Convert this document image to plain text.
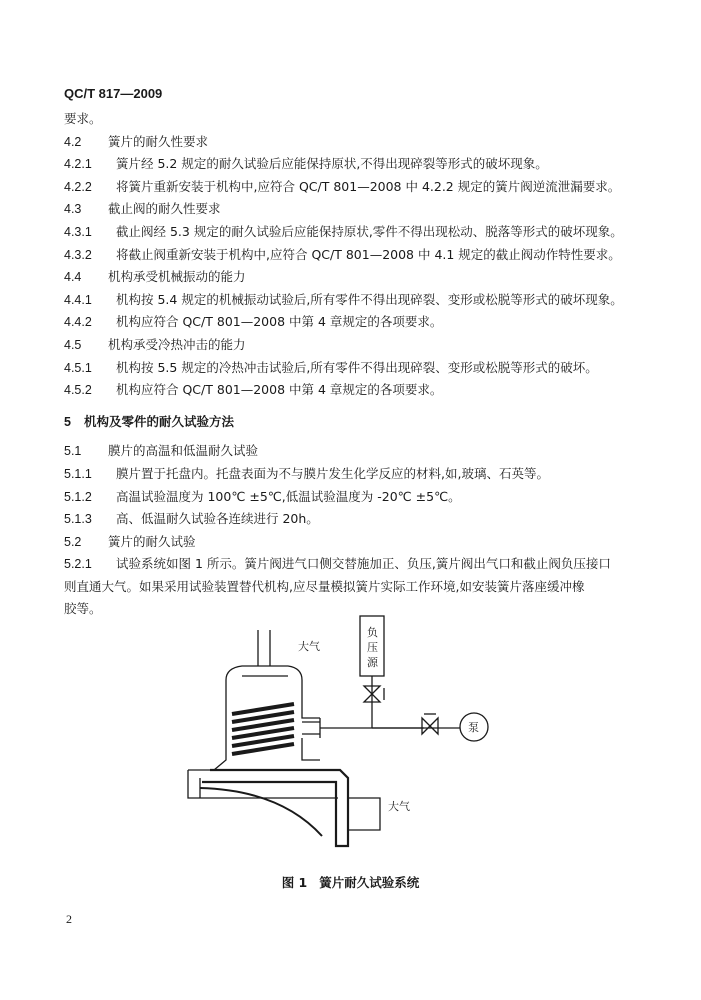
QC/T 817—2009
要求。
4.2 簧片的耐久性要求
4.2.1 簧片经 5.2 规定的耐久试验后应能保持原状,不得出现碎裂等形式的破坏现象。
4.2.2 将簧片重新安装于机构中,应符合 QC/T 801—2008 中 4.2.2 规定的簧片阀逆流泄漏要求。
4.3 截止阀的耐久性要求
4.3.1 截止阀经 5.3 规定的耐久试验后应能保持原状,零件不得出现松动、脱落等形式的破坏现象。
4.3.2 将截止阀重新安装于机构中,应符合 QC/T 801—2008 中 4.1 规定的截止阀动作特性要求。
4.4 机构承受机械振动的能力
4.4.1 机构按 5.4 规定的机械振动试验后,所有零件不得出现碎裂、变形或松脱等形式的破坏现象。
4.4.2 机构应符合 QC/T 801—2008 中第 4 章规定的各项要求。
4.5 机构承受冷热冲击的能力
4.5.1 机构按 5.5 规定的冷热冲击试验后,所有零件不得出现碎裂、变形或松脱等形式的破坏。
4.5.2 机构应符合 QC/T 801—2008 中第 4 章规定的各项要求。
5 机构及零件的耐久试验方法
5.1 膜片的高温和低温耐久试验
5.1.1 膜片置于托盘内。托盘表面为不与膜片发生化学反应的材料,如,玻璃、石英等。
5.1.2 高温试验温度为 100℃ ±5℃,低温试验温度为 -20℃ ±5℃。
5.1.3 高、低温耐久试验各连续进行 20h。
5.2 簧片的耐久试验
5.2.1 试验系统如图 1 所示。簧片阀进气口侧交替施加正、负压,簧片阀出气口和截止阀负压接口
则直通大气。如果采用试验装置替代机构,应尽量模拟簧片实际工作环境,如安装簧片落座缓冲橡
胶等。
大气
负
压
源
泵
大气
图 1 簧片耐久试验系统
2
